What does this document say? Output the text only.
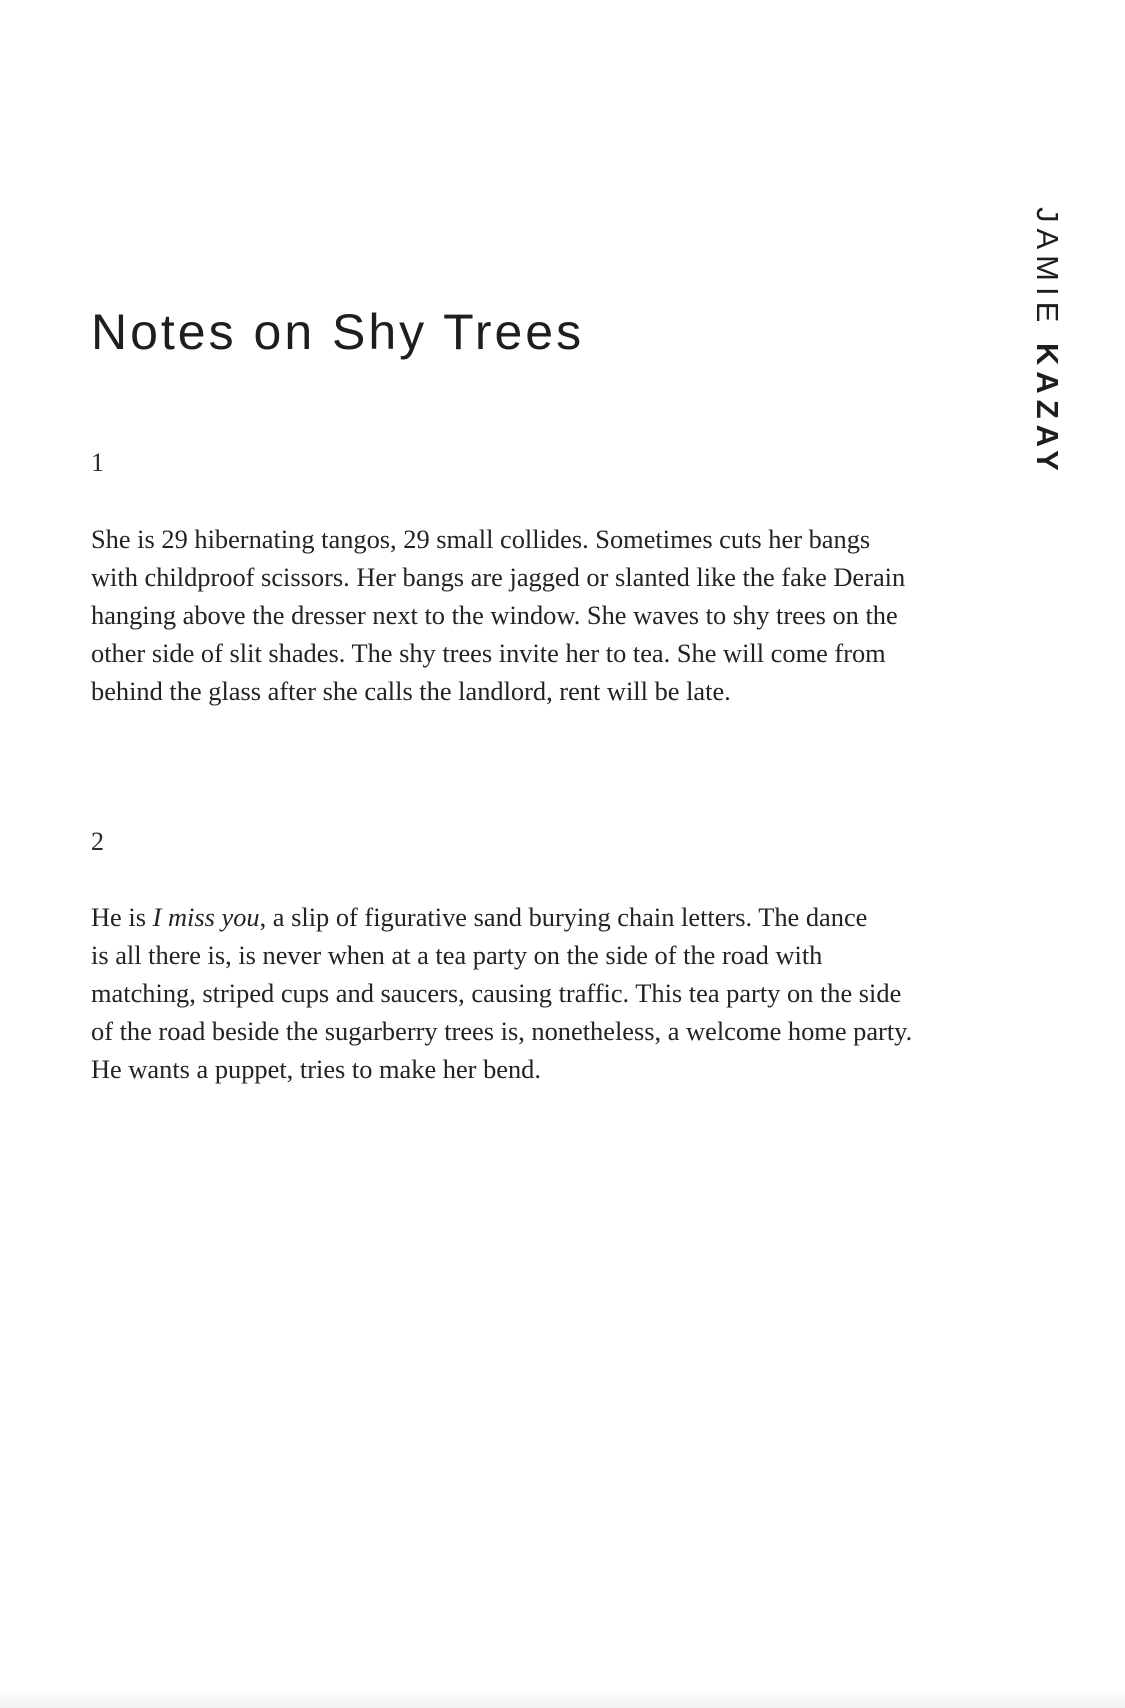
Notes on Shy Trees
JAMIE KAZAY
1

She is 29 hibernating tangos, 29 small collides. Sometimes cuts her bangs
with childproof scissors. Her bangs are jagged or slanted like the fake Derain
hanging above the dresser next to the window. She waves to shy trees on the
other side of slit shades. The shy trees invite her to tea. She will come from
behind the glass after she calls the landlord, rent will be late.

2

He is I miss you, a slip of figurative sand burying chain letters. The dance
is all there is, is never when at a tea party on the side of the road with
matching, striped cups and saucers, causing traffic. This tea party on the side
of the road beside the sugarberry trees is, nonetheless, a welcome home party.
He wants a puppet, tries to make her bend.
